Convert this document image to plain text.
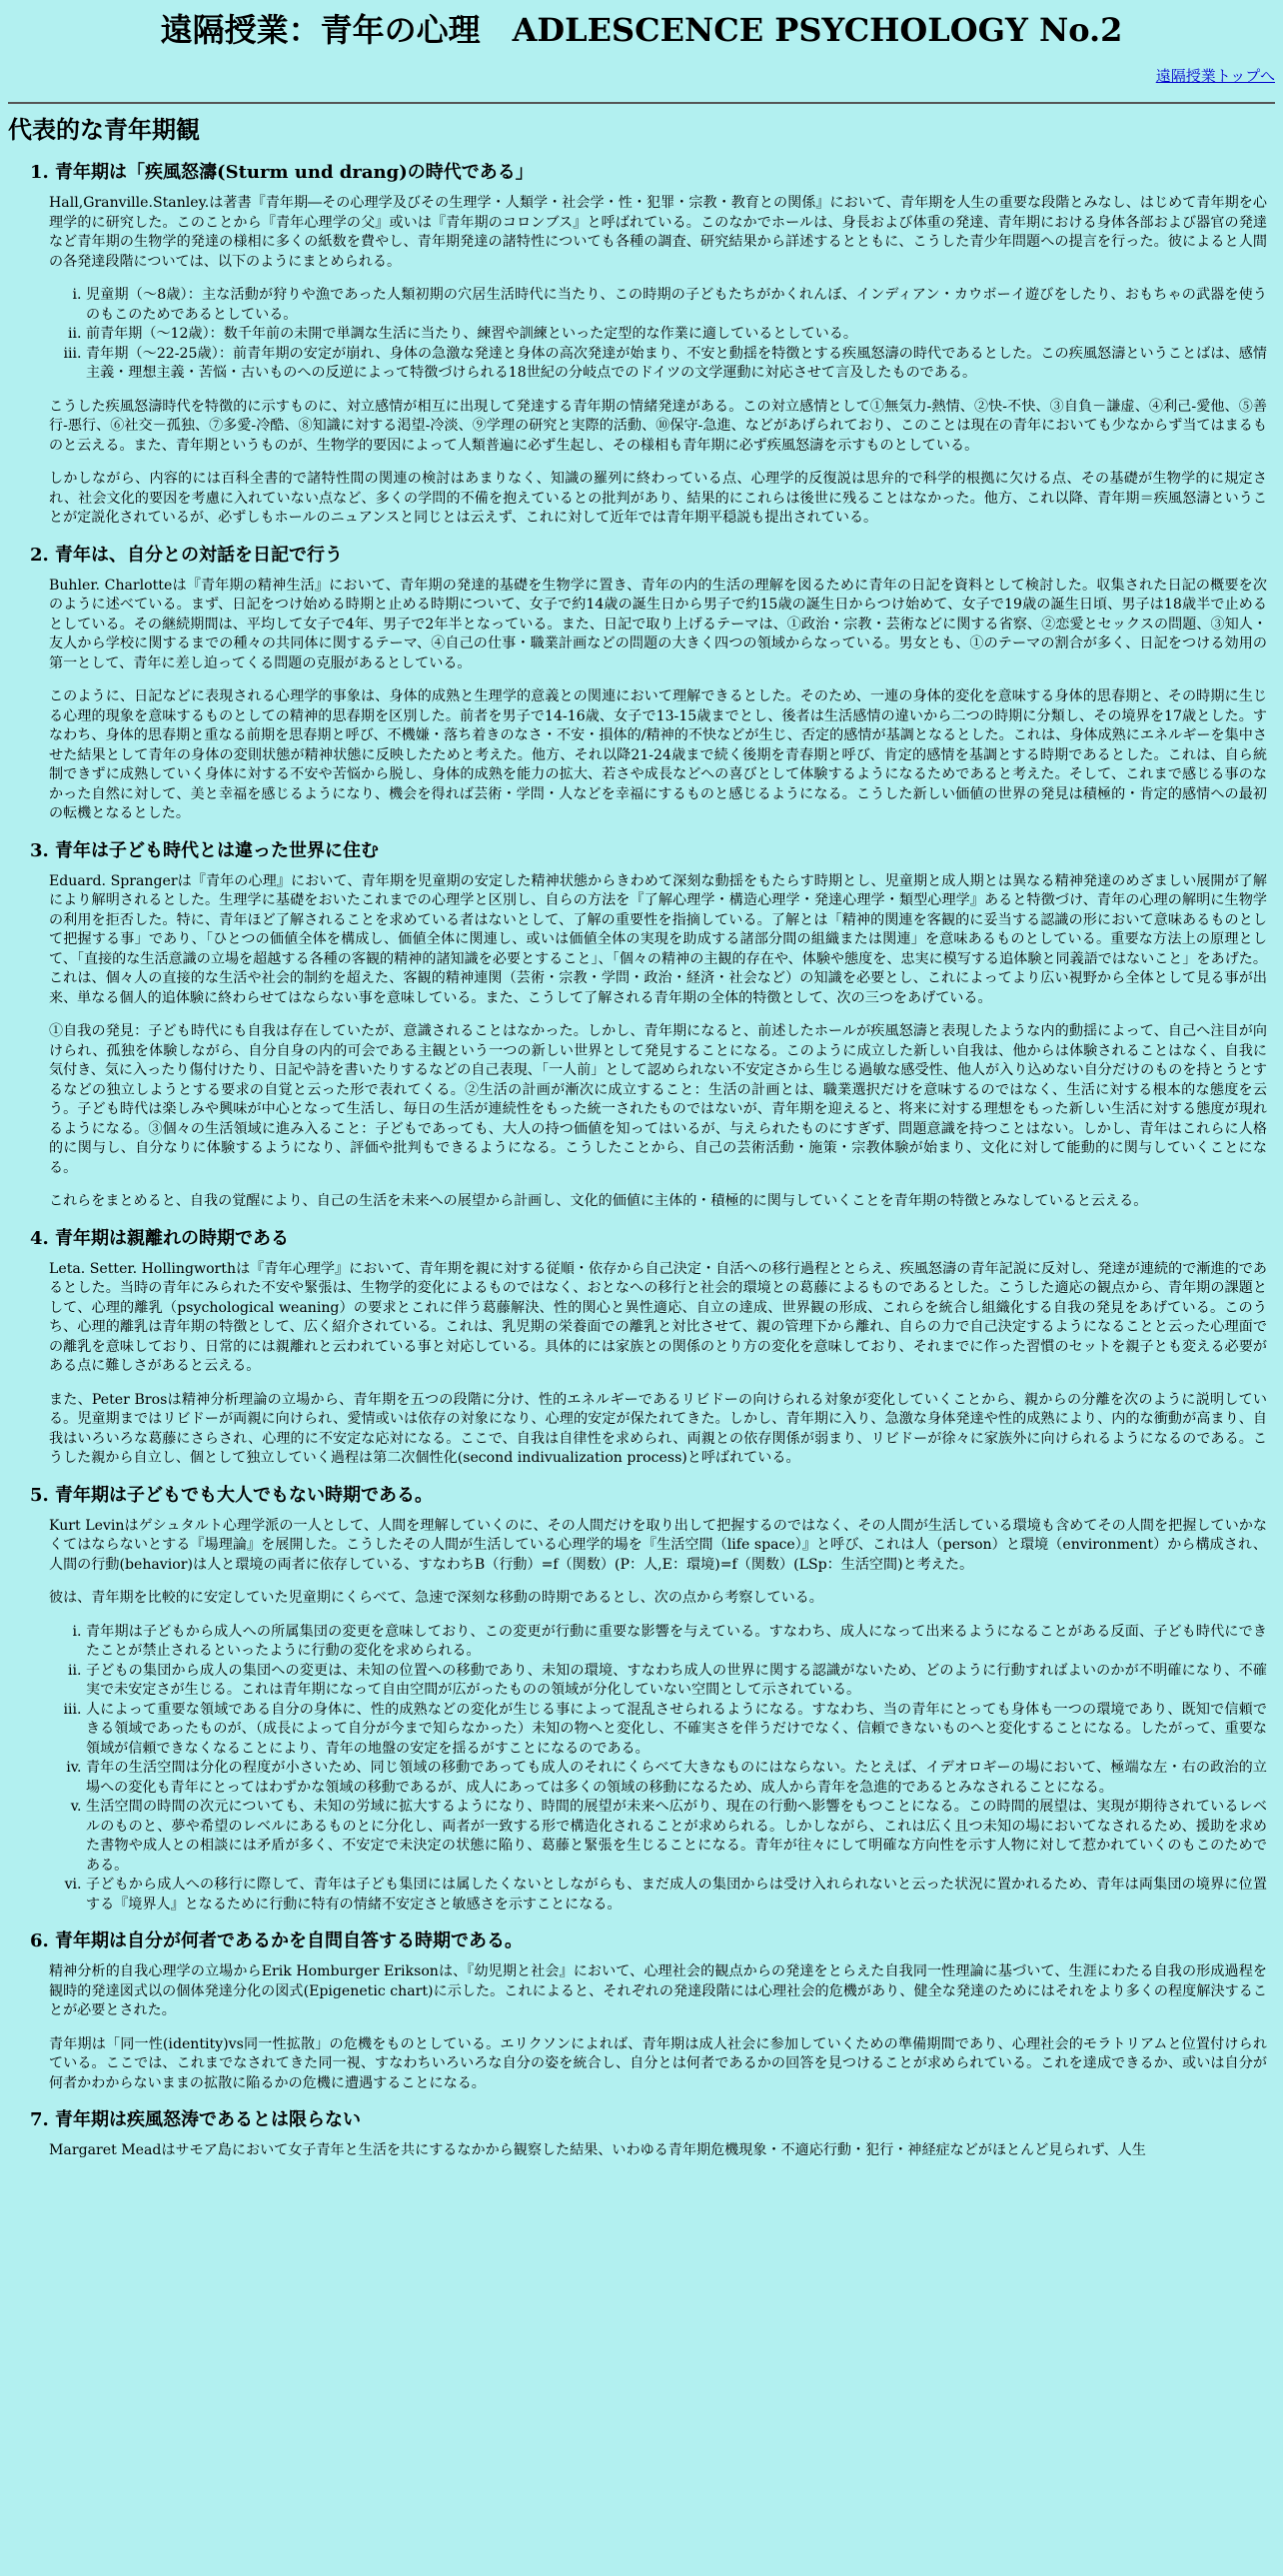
遠隔授業：青年の心理　ADLESCENCE PSYCHOLOGY No.2
遠隔授業トップへ
代表的な青年期観
1. 青年期は「疾風怒濤(Sturm und drang)の時代である」

Hall,Granville.Stanley.は著書『青年期―その心理学及びその生理学・人類学・社会学・性・犯罪・宗教・教育との関係』において、青年期を人生の重要な段階とみなし、はじめて青年期を心理学的に研究した。このことから『青年心理学の父』或いは『青年期のコロンブス』と呼ばれている。このなかでホールは、身長および体重の発達、青年期における身体各部および器官の発達など青年期の生物学的発達の様相に多くの紙数を費やし、青年期発達の諸特性についても各種の調査、研究結果から詳述するとともに、こうした青少年問題への提言を行った。彼によると人間の各発達段階については、以下のようにまとめられる。

i. 児童期（～8歳）：主な活動が狩りや漁であった人類初期の穴居生活時代に当たり、この時期の子どもたちがかくれんぼ、インディアン・カウボーイ遊びをしたり、おもちゃの武器を使うのもこのためであるとしている。
ii. 前青年期（～12歳）：数千年前の未開で単調な生活に当たり、練習や訓練といった定型的な作業に適しているとしている。
iii. 青年期（～22-25歳）：前青年期の安定が崩れ、身体の急激な発達と身体の高次発達が始まり、不安と動揺を特徴とする疾風怒濤の時代であるとした。この疾風怒濤ということばは、感情主義・理想主義・苦悩・古いものへの反逆によって特徴づけられる18世紀の分岐点でのドイツの文学運動に対応させて言及したものである。

こうした疾風怒濤時代を特徴的に示すものに、対立感情が相互に出現して発達する青年期の情緒発達がある。この対立感情として①無気力-熱情、②快-不快、③自負－謙虚、④利己-愛他、⑤善行-悪行、⑥社交－孤独、⑦多愛-冷酷、⑧知識に対する渇望-冷淡、⑨学理の研究と実際的活動、⑩保守-急進、などがあげられており、このことは現在の青年においても少なからず当てはまるものと云える。また、青年期というものが、生物学的要因によって人類普遍に必ず生起し、その様相も青年期に必ず疾風怒濤を示すものとしている。

しかしながら、内容的には百科全書的で諸特性間の関連の検討はあまりなく、知識の羅列に終わっている点、心理学的反復説は思弁的で科学的根拠に欠ける点、その基礎が生物学的に規定され、社会文化的要因を考慮に入れていない点など、多くの学問的不備を抱えているとの批判があり、結果的にこれらは後世に残ることはなかった。他方、これ以降、青年期＝疾風怒濤ということが定説化されているが、必ずしもホールのニュアンスと同じとは云えず、これに対して近年では青年期平穏説も提出されている。

2. 青年は、自分との対話を日記で行う

Buhler. Charlotteは『青年期の精神生活』において、青年期の発達的基礎を生物学に置き、青年の内的生活の理解を図るために青年の日記を資料として検討した。収集された日記の概要を次のように述べている。まず、日記をつけ始める時期と止める時期について、女子で約14歳の誕生日から男子で約15歳の誕生日からつけ始めて、女子で19歳の誕生日頃、男子は18歳半で止めるとしている。その継続期間は、平均して女子で4年、男子で2年半となっている。また、日記で取り上げるテーマは、①政治・宗教・芸術などに関する省察、②恋愛とセックスの問題、③知人・友人から学校に関するまでの種々の共同体に関するテーマ、④自己の仕事・職業計画などの問題の大きく四つの領域からなっている。男女とも、①のテーマの割合が多く、日記をつける効用の第一として、青年に差し迫ってくる問題の克服があるとしている。

このように、日記などに表現される心理学的事象は、身体的成熟と生理学的意義との関連において理解できるとした。そのため、一連の身体的変化を意味する身体的思春期と、その時期に生じる心理的現象を意味するものとしての精神的思春期を区別した。前者を男子で14-16歳、女子で13-15歳までとし、後者は生活感情の違いから二つの時期に分類し、その境界を17歳とした。すなわち、身体的思春期と重なる前期を思春期と呼び、不機嫌・落ち着きのなさ・不安・損体的/精神的不快などが生じ、否定的感情が基調となるとした。これは、身体成熟にエネルギーを集中させた結果として青年の身体の変則状態が精神状態に反映したためと考えた。他方、それ以降21-24歳まで続く後期を青春期と呼び、肯定的感情を基調とする時期であるとした。これは、自ら統制できずに成熟していく身体に対する不安や苦悩から脱し、身体的成熟を能力の拡大、若さや成長などへの喜びとして体験するようになるためであると考えた。そして、これまで感じる事のなかった自然に対して、美と幸福を感じるようになり、機会を得れば芸術・学問・人などを幸福にするものと感じるようになる。こうした新しい価値の世界の発見は積極的・肯定的感情への最初の転機となるとした。

3. 青年は子ども時代とは違った世界に住む

Eduard. Sprangerは『青年の心理』において、青年期を児童期の安定した精神状態からきわめて深刻な動揺をもたらす時期とし、児童期と成人期とは異なる精神発達のめざましい展開が了解により解明されるとした。生理学に基礎をおいたこれまでの心理学と区別し、自らの方法を『了解心理学・構造心理学・発達心理学・類型心理学』あると特徴づけ、青年の心理の解明に生物学の利用を拒否した。特に、青年ほど了解されることを求めている者はないとして、了解の重要性を指摘している。了解とは「精神的関連を客観的に妥当する認識の形において意味あるものとして把握する事」であり、「ひとつの価値全体を構成し、価値全体に関連し、或いは価値全体の実現を助成する諸部分間の組織または関連」を意味あるものとしている。重要な方法上の原理として、「直接的な生活意識の立場を超越する各種の客観的精神的諸知識を必要とすること」、「個々の精神の主観的存在や、体験や態度を、忠実に模写する追体験と同義語ではないこと」をあげた。これは、個々人の直接的な生活や社会的制約を超えた、客観的精神連関（芸術・宗教・学問・政治・経済・社会など）の知識を必要とし、これによってより広い視野から全体として見る事が出来、単なる個人的追体験に終わらせてはならない事を意味している。また、こうして了解される青年期の全体的特徴として、次の三つをあげている。

①自我の発見：子ども時代にも自我は存在していたが、意識されることはなかった。しかし、青年期になると、前述したホールが疾風怒濤と表現したような内的動揺によって、自己へ注目が向けられ、孤独を体験しながら、自分自身の内的可会である主観という一つの新しい世界として発見することになる。このように成立した新しい自我は、他からは体験されることはなく、自我に気付き、気に入ったり傷付けたり、日記や詩を書いたりするなどの自己表現、「一人前」として認められない不安定さから生じる過敏な感受性、他人が入り込めない自分だけのものを持とうとするなどの独立しようとする要求の自覚と云った形で表れてくる。②生活の計画が漸次に成立すること：生活の計画とは、職業選択だけを意味するのではなく、生活に対する根本的な態度を云う。子ども時代は楽しみや興味が中心となって生活し、毎日の生活が連続性をもった統一されたものではないが、青年期を迎えると、将来に対する理想をもった新しい生活に対する態度が現れるようになる。③個々の生活領域に進み入ること：子どもであっても、大人の持つ価値を知ってはいるが、与えられたものにすぎず、問題意識を持つことはない。しかし、青年はこれらに人格的に関与し、自分なりに体験するようになり、評価や批判もできるようになる。こうしたことから、自己の芸術活動・施策・宗教体験が始まり、文化に対して能動的に関与していくことになる。

これらをまとめると、自我の覚醒により、自己の生活を未来への展望から計画し、文化的価値に主体的・積極的に関与していくことを青年期の特徴とみなしていると云える。

4. 青年期は親離れの時期である

Leta. Setter. Hollingworthは『青年心理学』において、青年期を親に対する従順・依存から自己決定・自活への移行過程ととらえ、疾風怒濤の青年記説に反対し、発達が連続的で漸進的であるとした。当時の青年にみられた不安や緊張は、生物学的変化によるものではなく、おとなへの移行と社会的環境との葛藤によるものであるとした。こうした適応の観点から、青年期の課題として、心理的離乳（psychological weaning）の要求とこれに伴う葛藤解決、性的関心と異性適応、自立の達成、世界観の形成、これらを統合し組織化する自我の発見をあげている。このうち、心理的離乳は青年期の特徴として、広く紹介されている。これは、乳児期の栄養面での離乳と対比させて、親の管理下から離れ、自らの力で自己決定するようになることと云った心理面での離乳を意味しており、日常的には親離れと云われている事と対応している。具体的には家族との関係のとり方の変化を意味しており、それまでに作った習慣のセットを親子とも変える必要がある点に難しさがあると云える。

また、Peter Brosは精神分析理論の立場から、青年期を五つの段階に分け、性的エネルギーであるリビドーの向けられる対象が変化していくことから、親からの分離を次のように説明している。児童期まではリビドーが両親に向けられ、愛情或いは依存の対象になり、心理的安定が保たれてきた。しかし、青年期に入り、急激な身体発達や性的成熟により、内的な衝動が高まり、自我はいろいろな葛藤にさらされ、心理的に不安定な応対になる。ここで、自我は自律性を求められ、両親との依存関係が弱まり、リビドーが徐々に家族外に向けられるようになるのである。こうした親から自立し、個として独立していく過程は第二次個性化(second indivualization process)と呼ばれている。

5. 青年期は子どもでも大人でもない時期である。

Kurt Levinはゲシュタルト心理学派の一人として、人間を理解していくのに、その人間だけを取り出して把握するのではなく、その人間が生活している環境も含めてその人間を把握していかなくてはならないとする『場理論』を展開した。こうしたその人間が生活している心理学的場を『生活空間（life space）』と呼び、これは人（person）と環境（environment）から構成され、人間の行動(behavior)は人と環境の両者に依存している、すなわちB（行動）=f（関数）(P：人,E：環境)=f（関数）(LSp：生活空間)と考えた。

彼は、青年期を比較的に安定していた児童期にくらべて、急速で深刻な移動の時期であるとし、次の点から考察している。

i. 青年期は子どもから成人への所属集団の変更を意味しており、この変更が行動に重要な影響を与えている。すなわち、成人になって出来るようになることがある反面、子ども時代にできたことが禁止されるといったように行動の変化を求められる。
ii. 子どもの集団から成人の集団への変更は、未知の位置への移動であり、未知の環境、すなわち成人の世界に関する認識がないため、どのように行動すればよいのかが不明確になり、不確実で未安定さが生じる。これは青年期になって自由空間が広がったものの領域が分化していない空間として示されている。
iii. 人によって重要な領域である自分の身体に、性的成熟などの変化が生じる事によって混乱させられるようになる。すなわち、当の青年にとっても身体も一つの環境であり、既知で信頼できる領域であったものが、（成長によって自分が今まで知らなかった）未知の物へと変化し、不確実さを伴うだけでなく、信頼できないものへと変化することになる。したがって、重要な領域が信頼できなくなることにより、青年の地盤の安定を揺るがすことになるのである。
iv. 青年の生活空間は分化の程度が小さいため、同じ領域の移動であっても成人のそれにくらべて大きなものにはならない。たとえば、イデオロギーの場において、極端な左・右の政治的立場への変化も青年にとってはわずかな領域の移動であるが、成人にあっては多くの領域の移動になるため、成人から青年を急進的であるとみなされることになる。
v. 生活空間の時間の次元についても、未知の労域に拡大するようになり、時間的展望が未来へ広がり、現在の行動へ影響をもつことになる。この時間的展望は、実現が期待されているレベルのものと、夢や希望のレベルにあるものとに分化し、両者が一致する形で構造化されることが求められる。しかしながら、これは広く且つ未知の場においてなされるため、援助を求めた書物や成人との相談には矛盾が多く、不安定で未決定の状態に陥り、葛藤と緊張を生じることになる。青年が往々にして明確な方向性を示す人物に対して惹かれていくのもこのためである。
vi. 子どもから成人への移行に際して、青年は子ども集団には属したくないとしながらも、まだ成人の集団からは受け入れられないと云った状況に置かれるため、青年は両集団の境界に位置する『境界人』となるために行動に特有の情緒不安定さと敏感さを示すことになる。
6. 青年期は自分が何者であるかを自問自答する時期である。

精神分析的自我心理学の立場からErik Homburger Eriksonは、『幼児期と社会』において、心理社会的観点からの発達をとらえた自我同一性理論に基づいて、生涯にわたる自我の形成過程を観時的発達図式以の個体発達分化の図式(Epigenetic chart)に示した。これによると、それぞれの発達段階には心理社会的危機があり、健全な発達のためにはそれをより多くの程度解決することが必要とされた。

青年期は「同一性(identity)vs同一性拡散」の危機をものとしている。エリクソンによれば、青年期は成人社会に参加していくための準備期間であり、心理社会的モラトリアムと位置付けられている。ここでは、これまでなされてきた同一視、すなわちいろいろな自分の姿を統合し、自分とは何者であるかの回答を見つけることが求められている。これを達成できるか、或いは自分が何者かわからないままの拡散に陥るかの危機に遭遇することになる。

7. 青年期は疾風怒涛であるとは限らない

Margaret Meadはサモア島において女子青年と生活を共にするなかから観察した結果、いわゆる青年期危機現象・不適応行動・犯行・神経症などがほとんど見られず、人生
